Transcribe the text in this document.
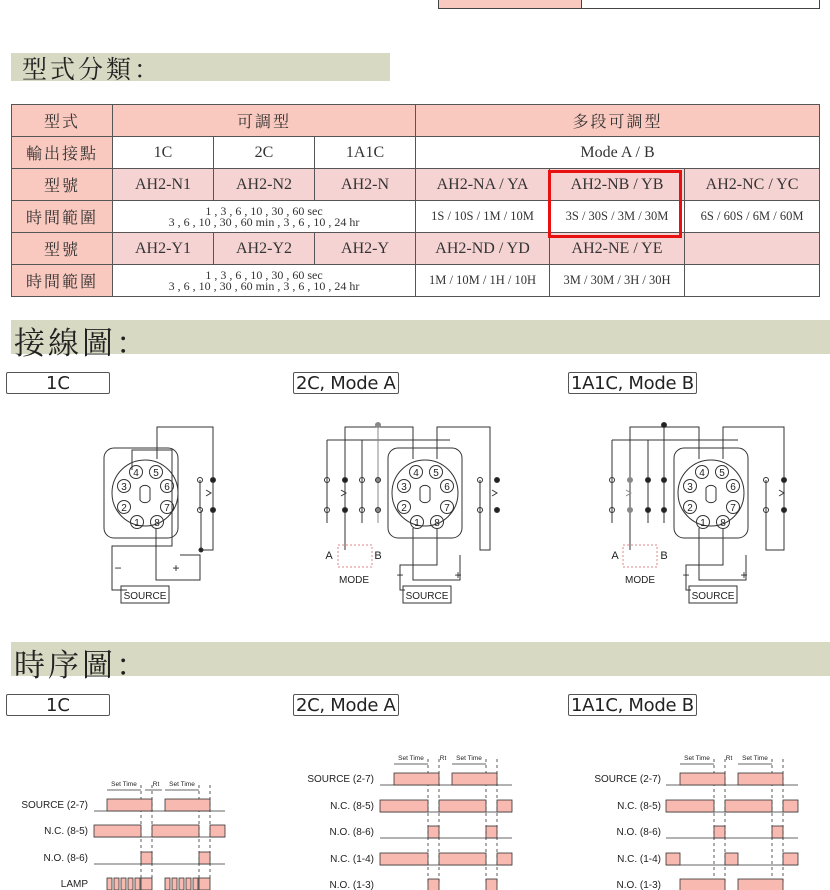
型式分類：
型式	可調型			多段可調型		
輸出接點	1C	2C	1A1C	Mode A / B		
型號	AH2-N1	AH2-N2	AH2-N	AH2-NA / YA	AH2-NB / YB	AH2-NC / YC
時間範圍	1 , 3 , 6 , 10 , 30 , 60 sec
3 , 6 , 10 , 30 , 60 min , 3 , 6 , 10 , 24 hr			1S / 10S / 1M / 10M	3S / 30S / 3M / 30M	6S / 60S / 6M / 60M
型號	AH2-Y1	AH2-Y2	AH2-Y	AH2-ND / YD	AH2-NE / YE	
時間範圍	1 , 3 , 6 , 10 , 30 , 60 sec
3 , 6 , 10 , 30 , 60 min , 3 , 6 , 10 , 24 hr			1M / 10M / 1H / 10H	3M / 30M / 3H / 30H	
接線圖：
1C	2C, Mode A	1A1C, Mode B
4 5
3	6
2	7
1 8
−	+
SOURCE
4 5
3	6
2	7
1 8
A	B
MODE −	+
SOURCE
4 5
3	6
2	7
1 8
A	B
MODE −	+
SOURCE
時序圖：
1C	2C, Mode A	1A1C, Mode B
SOURCE (2-7)
N.C. (8-5)
N.O. (8-6)
LAMP
Set Time Rt Set Time	SOURCE (2-7)
N.C. (8-5)
N.O. (8-6)
N.C. (1-4)
N.O. (1-3)
Set Time Rt Set Time
SOURCE (2-7)
N.C. (8-5)
N.O. (8-6)
N.C. (1-4)
N.O. (1-3)
Set Time Rt Set Time
